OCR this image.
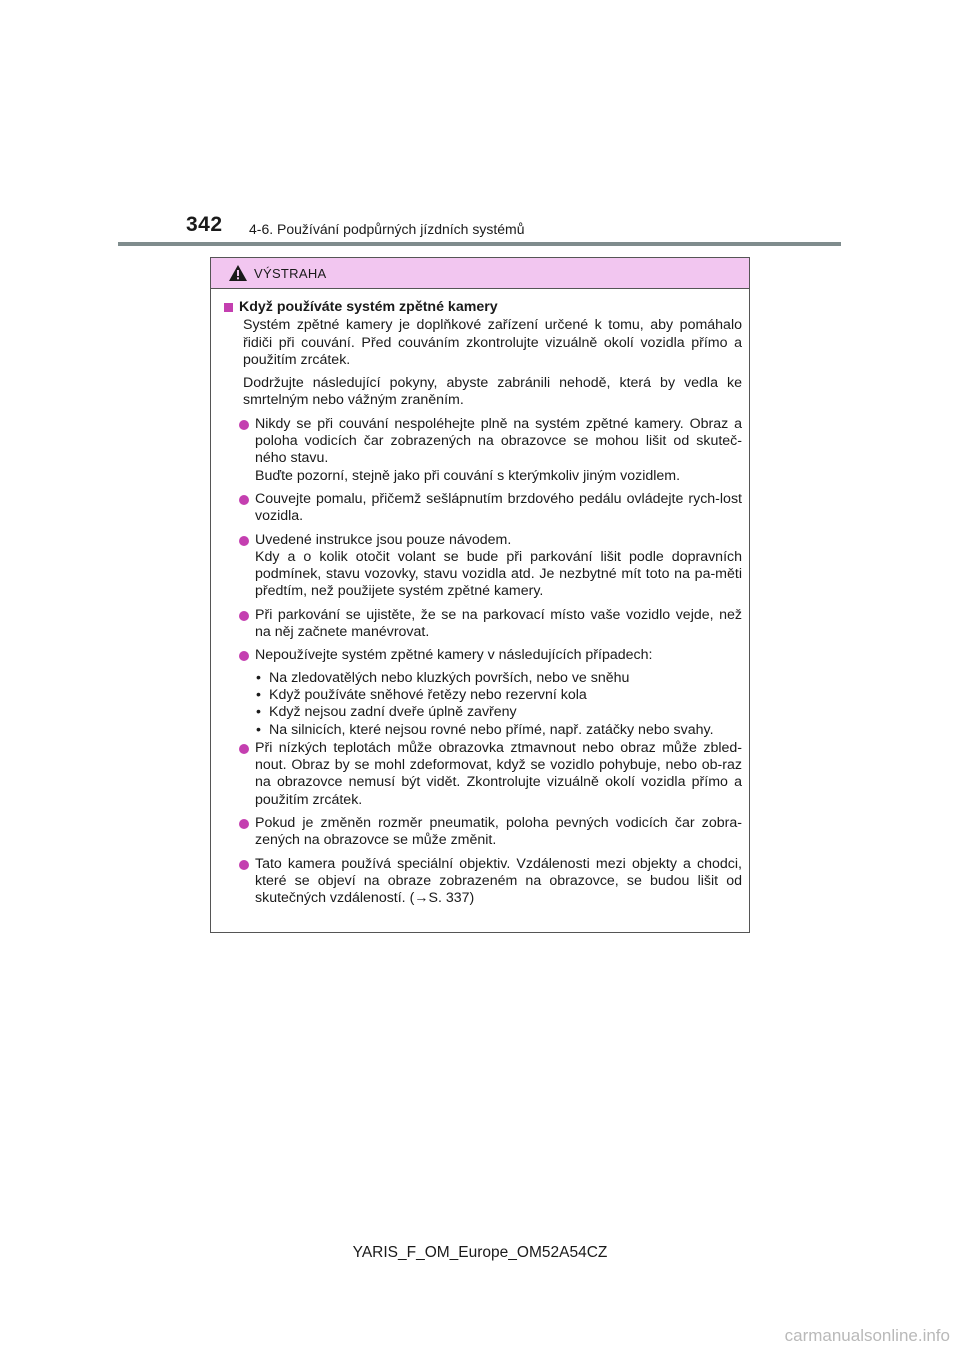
342 4-6. Používání podpůrných jízdních systémů
VÝSTRAHA
Když používáte systém zpětné kamery
Systém zpětné kamery je doplňkové zařízení určené k tomu, aby pomáhalo řidiči při couvání. Před couváním zkontrolujte vizuálně okolí vozidla přímo a použitím zrcátek.
Dodržujte následující pokyny, abyste zabránili nehodě, která by vedla ke smrtelným nebo vážným zraněním.
Nikdy se při couvání nespoléhejte plně na systém zpětné kamery. Obraz a poloha vodicích čar zobrazených na obrazovce se mohou lišit od skuteč-ného stavu.
Buďte pozorní, stejně jako při couvání s kterýmkoliv jiným vozidlem.
Couvejte pomalu, přičemž sešlápnutím brzdového pedálu ovládejte rych-lost vozidla.
Uvedené instrukce jsou pouze návodem.
Kdy a o kolik otočit volant se bude při parkování lišit podle dopravních podmínek, stavu vozovky, stavu vozidla atd. Je nezbytné mít toto na pa-měti předtím, než použijete systém zpětné kamery.
Při parkování se ujistěte, že se na parkovací místo vaše vozidlo vejde, než na něj začnete manévrovat.
Nepoužívejte systém zpětné kamery v následujících případech:
• Na zledovatělých nebo kluzkých površích, nebo ve sněhu
• Když používáte sněhové řetězy nebo rezervní kola
• Když nejsou zadní dveře úplně zavřeny
• Na silnicích, které nejsou rovné nebo přímé, např. zatáčky nebo svahy.
Při nízkých teplotách může obrazovka ztmavnout nebo obraz může zbled-nout. Obraz by se mohl zdeformovat, když se vozidlo pohybuje, nebo ob-raz na obrazovce nemusí být vidět. Zkontrolujte vizuálně okolí vozidla přímo a použitím zrcátek.
Pokud je změněn rozměr pneumatik, poloha pevných vodicích čar zobra-zených na obrazovce se může změnit.
Tato kamera používá speciální objektiv. Vzdálenosti mezi objekty a chodci, které se objeví na obraze zobrazeném na obrazovce, se budou lišit od skutečných vzdáleností. (→S. 337)
YARIS_F_OM_Europe_OM52A54CZ
carmanualsonline.info
